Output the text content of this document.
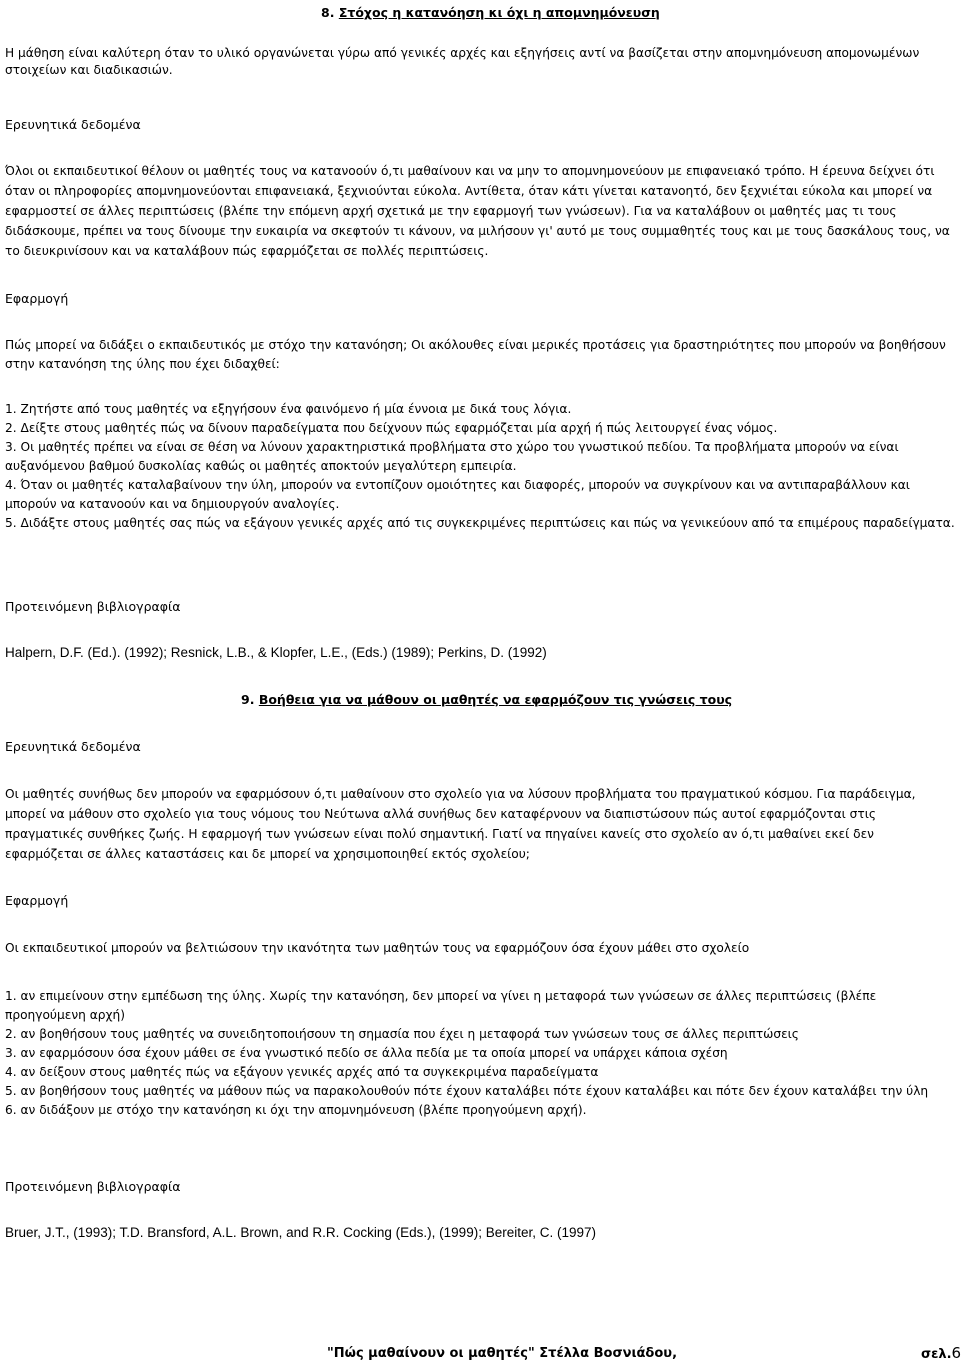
8. Στόχος η κατανόηση κι όχι η απομνημόνευση

Η μάθηση είναι καλύτερη όταν το υλικό οργανώνεται γύρω από γενικές αρχές και εξηγήσεις αντί να βασίζεται στην απομνημόνευση απομονωμένων στοιχείων και διαδικασιών.

Ερευνητικά δεδομένα

Όλοι οι εκπαιδευτικοί θέλουν οι μαθητές τους να κατανοούν ό,τι μαθαίνουν και να μην το απομνημονεύουν με επιφανειακό τρόπο. Η έρευνα δείχνει ότι όταν οι πληροφορίες απομνημονεύονται επιφανειακά, ξεχνιούνται εύκολα. Αντίθετα, όταν κάτι γίνεται κατανοητό, δεν ξεχνιέται εύκολα και μπορεί να εφαρμοστεί σε άλλες περιπτώσεις (βλέπε την επόμενη αρχή σχετικά με την εφαρμογή των γνώσεων). Για να καταλάβουν οι μαθητές μας τι τους διδάσκουμε, πρέπει να τους δίνουμε την ευκαιρία να σκεφτούν τι κάνουν, να μιλήσουν γι' αυτό με τους συμμαθητές τους και με τους δασκάλους τους, να το διευκρινίσουν και να καταλάβουν πώς εφαρμόζεται σε πολλές περιπτώσεις.

Εφαρμογή

Πώς μπορεί να διδάξει ο εκπαιδευτικός με στόχο την κατανόηση; Οι ακόλουθες είναι μερικές προτάσεις για δραστηριότητες που μπορούν να βοηθήσουν στην κατανόηση της ύλης που έχει διδαχθεί:

1. Ζητήστε από τους μαθητές να εξηγήσουν ένα φαινόμενο ή μία έννοια με δικά τους λόγια.
2. Δείξτε στους μαθητές πώς να δίνουν παραδείγματα που δείχνουν πώς εφαρμόζεται μία αρχή ή πώς λειτουργεί ένας νόμος.
3. Οι μαθητές πρέπει να είναι σε θέση να λύνουν χαρακτηριστικά προβλήματα στο χώρο του γνωστικού πεδίου. Τα προβλήματα μπορούν να είναι αυξανόμενου βαθμού δυσκολίας καθώς οι μαθητές αποκτούν μεγαλύτερη εμπειρία.
4. Όταν οι μαθητές καταλαβαίνουν την ύλη, μπορούν να εντοπίζουν ομοιότητες και διαφορές, μπορούν να συγκρίνουν και να αντιπαραβάλλουν και μπορούν να κατανοούν και να δημιουργούν αναλογίες.
5. Διδάξτε στους μαθητές σας πώς να εξάγουν γενικές αρχές από τις συγκεκριμένες περιπτώσεις και πώς να γενικεύουν από τα επιμέρους παραδείγματα.

Προτεινόμενη βιβλιογραφία

Halpern, D.F. (Ed.). (1992); Resnick, L.B., & Klopfer, L.E., (Eds.) (1989); Perkins, D. (1992)

9. Βοήθεια για να μάθουν οι μαθητές να εφαρμόζουν τις γνώσεις τους

Ερευνητικά δεδομένα

Οι μαθητές συνήθως δεν μπορούν να εφαρμόσουν ό,τι μαθαίνουν στο σχολείο για να λύσουν προβλήματα του πραγματικού κόσμου. Για παράδειγμα, μπορεί να μάθουν στο σχολείο για τους νόμους του Νεύτωνα αλλά συνήθως δεν καταφέρνουν να διαπιστώσουν πώς αυτοί εφαρμόζονται στις πραγματικές συνθήκες ζωής. Η εφαρμογή των γνώσεων είναι πολύ σημαντική. Γιατί να πηγαίνει κανείς στο σχολείο αν ό,τι μαθαίνει εκεί δεν εφαρμόζεται σε άλλες καταστάσεις και δε μπορεί να χρησιμοποιηθεί εκτός σχολείου;

Εφαρμογή

Οι εκπαιδευτικοί μπορούν να βελτιώσουν την ικανότητα των μαθητών τους να εφαρμόζουν όσα έχουν μάθει στο σχολείο

1. αν επιμείνουν στην εμπέδωση της ύλης. Χωρίς την κατανόηση, δεν μπορεί να γίνει η μεταφορά των γνώσεων σε άλλες περιπτώσεις (βλέπε προηγούμενη αρχή)
2. αν βοηθήσουν τους μαθητές να συνειδητοποιήσουν τη σημασία που έχει η μεταφορά των γνώσεων τους σε άλλες περιπτώσεις
3. αν εφαρμόσουν όσα έχουν μάθει σε ένα γνωστικό πεδίο σε άλλα πεδία με τα οποία μπορεί να υπάρχει κάποια σχέση
4. αν δείξουν στους μαθητές πώς να εξάγουν γενικές αρχές από τα συγκεκριμένα παραδείγματα
5. αν βοηθήσουν τους μαθητές να μάθουν πώς να παρακολουθούν πότε έχουν καταλάβει πότε έχουν καταλάβει και πότε δεν έχουν καταλάβει την ύλη
6. αν διδάξουν με στόχο την κατανόηση κι όχι την απομνημόνευση (βλέπε προηγούμενη αρχή).

Προτεινόμενη βιβλιογραφία

Bruer, J.T., (1993); T.D. Bransford, A.L. Brown, and R.R. Cocking (Eds.), (1999); Bereiter, C. (1997)

"Πώς μαθαίνουν οι μαθητές" Στέλλα Βοσνιάδου,	σελ.6
